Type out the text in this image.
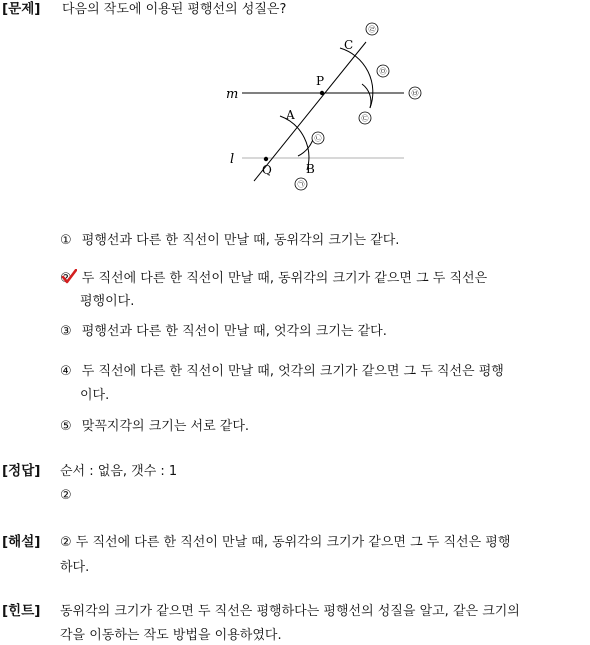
[문제] 다음의 작도에 이용된 평행선의 성질은?
m
l
P
Q
A
B
C
㉣
㉤
㉥
㉢
㉡
㉠
① 평행선과 다른 한 직선이 만날 때, 동위각의 크기는 같다.
② 두 직선에 다른 한 직선이 만날 때, 동위각의 크기가 같으면 그 두 직선은
평행이다.
③ 평행선과 다른 한 직선이 만날 때, 엇각의 크기는 같다.
④ 두 직선에 다른 한 직선이 만날 때, 엇각의 크기가 같으면 그 두 직선은 평행
이다.
⑤ 맞꼭지각의 크기는 서로 같다.
[정답] 순서 : 없음, 갯수 : 1
②
[해설] ② 두 직선에 다른 한 직선이 만날 때, 동위각의 크기가 같으면 그 두 직선은 평행
하다.
[힌트] 동위각의 크기가 같으면 두 직선은 평행하다는 평행선의 성질을 알고, 같은 크기의
각을 이동하는 작도 방법을 이용하였다.
